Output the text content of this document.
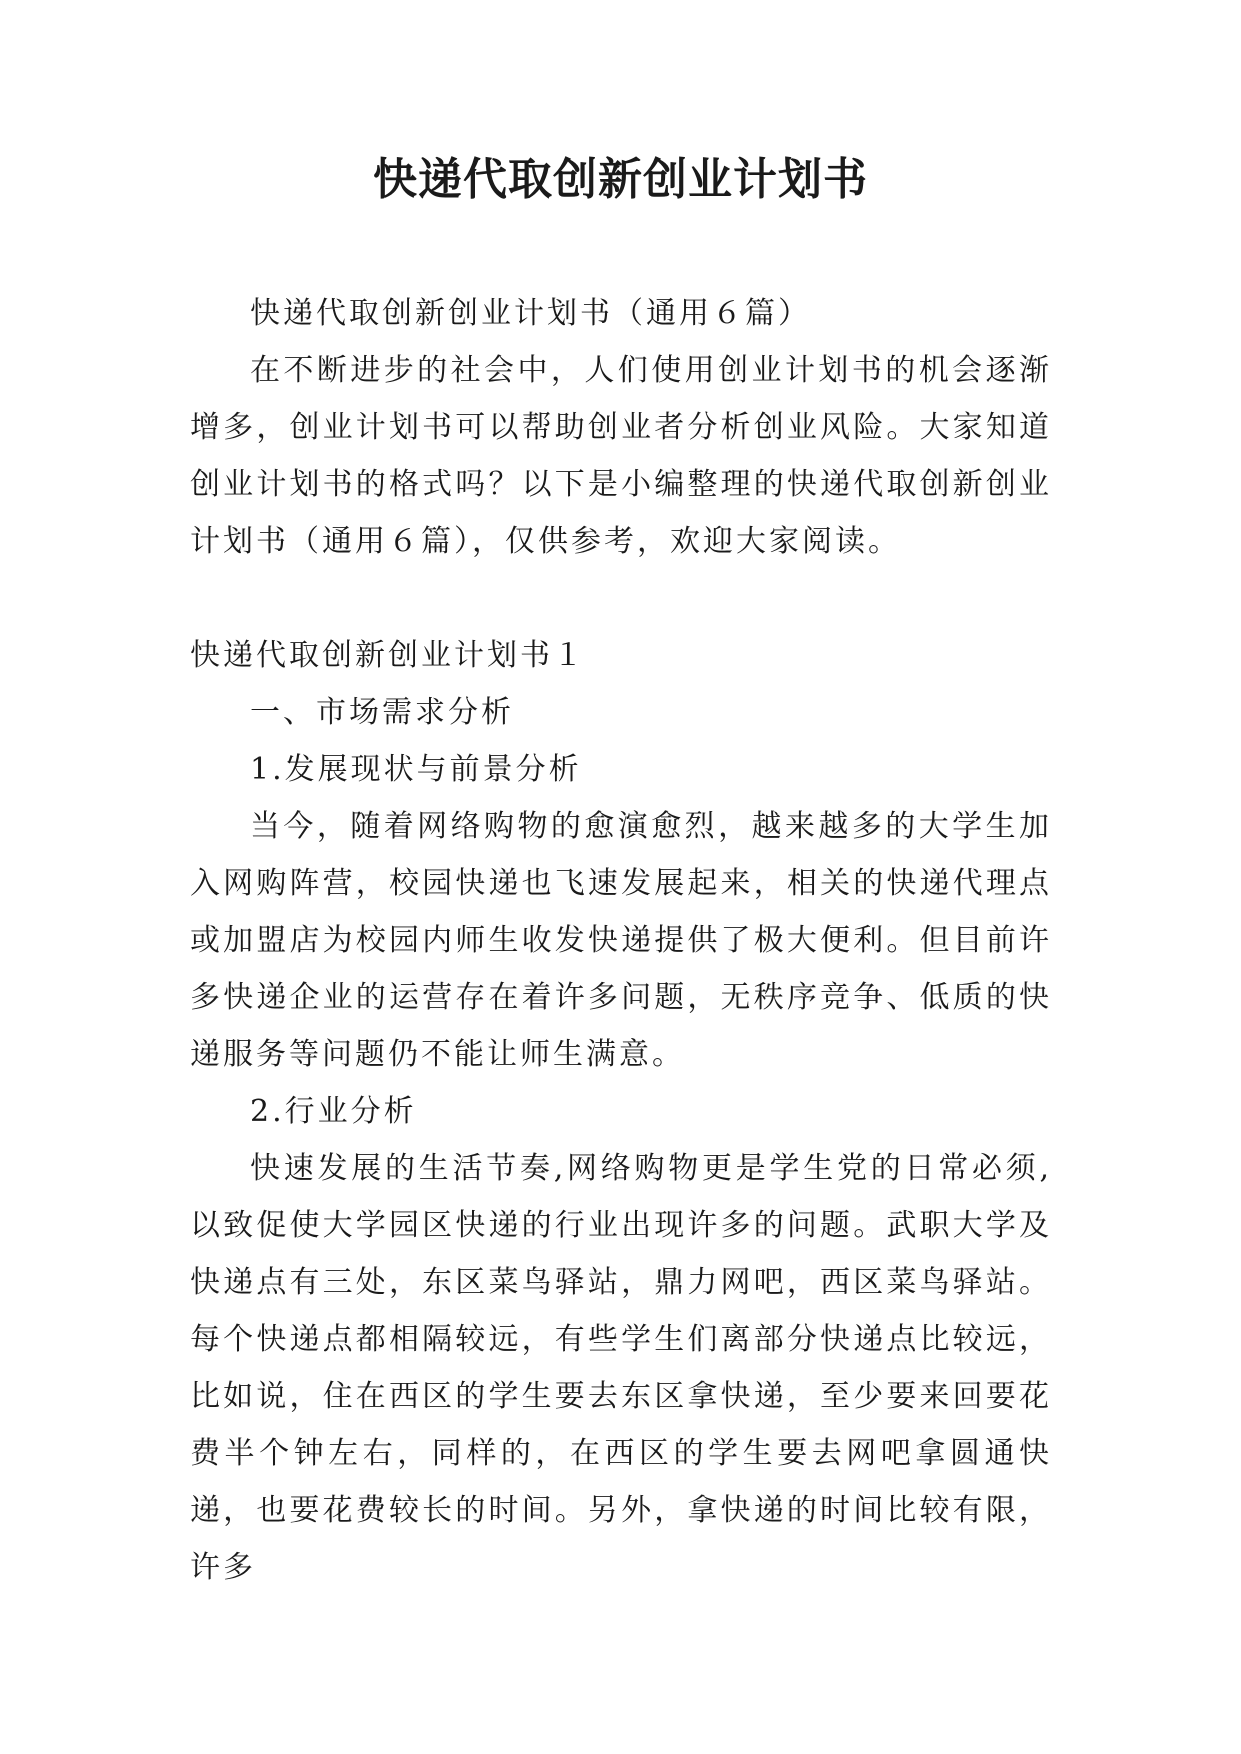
快递代取创新创业计划书

快递代取创新创业计划书（通用６篇）

在不断进步的社会中，人们使用创业计划书的机会逐渐增多，创业计划书可以帮助创业者分析创业风险。大家知道创业计划书的格式吗？以下是小编整理的快递代取创新创业计划书（通用６篇），仅供参考，欢迎大家阅读。

快递代取创新创业计划书１

一、市场需求分析

1.发展现状与前景分析

当今，随着网络购物的愈演愈烈，越来越多的大学生加入网购阵营，校园快递也飞速发展起来，相关的快递代理点或加盟店为校园内师生收发快递提供了极大便利。但目前许多快递企业的运营存在着许多问题，无秩序竞争、低质的快递服务等问题仍不能让师生满意。

2.行业分析

快速发展的生活节奏,网络购物更是学生党的日常必须,以致促使大学园区快递的行业出现许多的问题。武职大学及快递点有三处，东区菜鸟驿站，鼎力网吧，西区菜鸟驿站。每个快递点都相隔较远，有些学生们离部分快递点比较远，比如说，住在西区的学生要去东区拿快递，至少要来回要花费半个钟左右，同样的，在西区的学生要去网吧拿圆通快递，也要花费较长的时间。另外，拿快递的时间比较有限，许多
